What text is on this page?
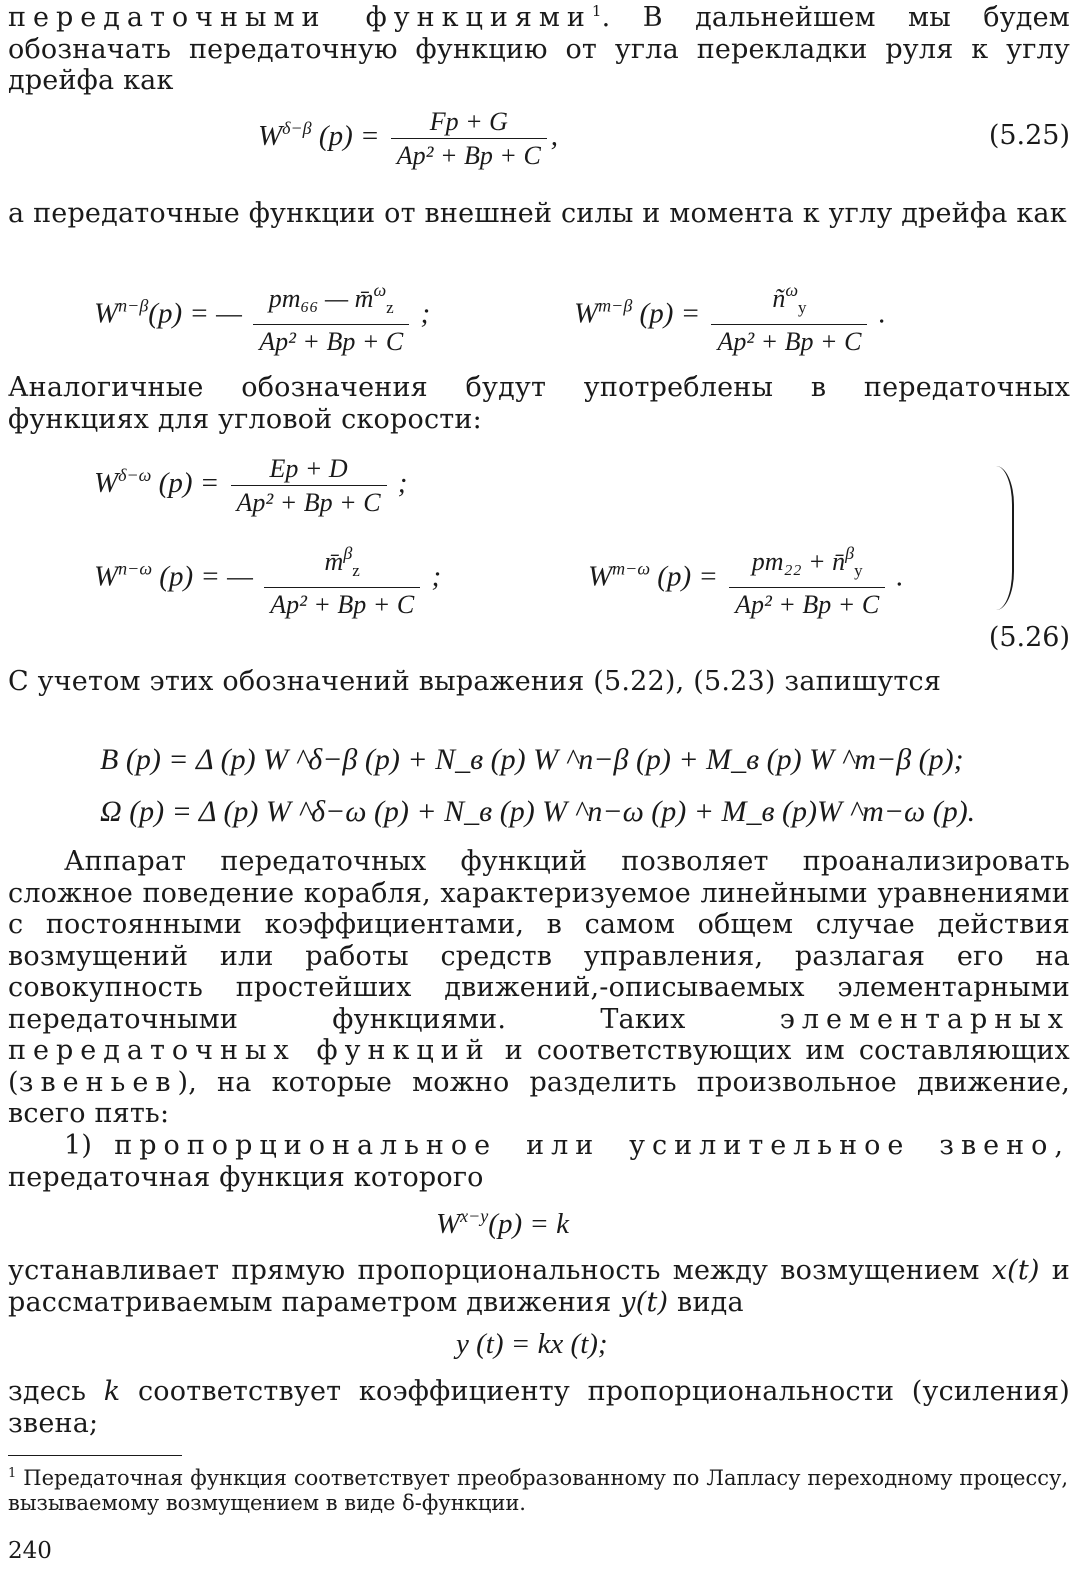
передаточными функциями$^1$. В дальнейшем мы будем обозначать передаточную функцию от угла перекладки руля к углу дрейфа как

$W^{\delta-\beta}$ $(p) = \frac{Fp + G}{\text{Ap² + Bp + C}}$ ,	(5.25)

а передаточные функции от внешней силы и момента к углу дрейфа как

$W^{n-\beta}(p)$ = — $\frac{pm_{66} — m̄^\omega_z}{\text{Ap² + Bp + C}}$ ;	$W^{m-\beta}$ $(p) = \frac{ñ^\omega_y}{\text{Ap² + Bp + C}}$ .

Аналогичные обозначения будут употреблены в передаточных функциях для угловой скорости:

$W^{\delta-\omega}$ $(p) = \frac{Ep + D}{\text{Ap² + Bp + C}}$ ;
$W^{n-\omega}$ (p) = — $\frac{m̄^\beta_z}{\text{Ap² + Bp + C}}$ ;	$W^{m-\omega}$ $(p) = \frac{pm_{22} + n̄^\beta_y}{\text{Ap² + Bp + C}}$ .
(5.26)

С учетом этих обозначений выражения (5.22), (5.23) запишутся

B (p) = Δ (p) W ^δ−β (p) + N_в (p) W ^n−β (p) + M_в (p) W ^m−β (p);
Ω (p) = Δ (p) W ^δ−ω (p) + N_в (p) W ^n−ω (p) + M_в (p)W ^m−ω (p).

Аппарат передаточных функций позволяет проанализировать сложное поведение корабля, характеризуемое линейными уравнениями с постоянными коэффициентами, в самом общем случае действия возмущений или работы средств управления, разлагая его на совокупность простейших движений,-описываемых элементарными передаточными функциями. Таких	элементарных передаточных функций и соответствующих им составляющих (звеньев), на которые можно разделить произвольное движение, всего пять:

1) пропорциональное или усилительное звено, передаточная функция которого

$W^{x-y}(p) = k$

устанавливает прямую пропорциональность между возмущением x(t) и рассматриваемым параметром движения y(t) вида

y (t) = kx (t);

здесь k соответствует коэффициенту пропорциональности (усиления) звена;

$^1$ Передаточная функция соответствует преобразованному по Лапласу переходному процессу, вызываемому возмущением в виде δ-функции.
240
